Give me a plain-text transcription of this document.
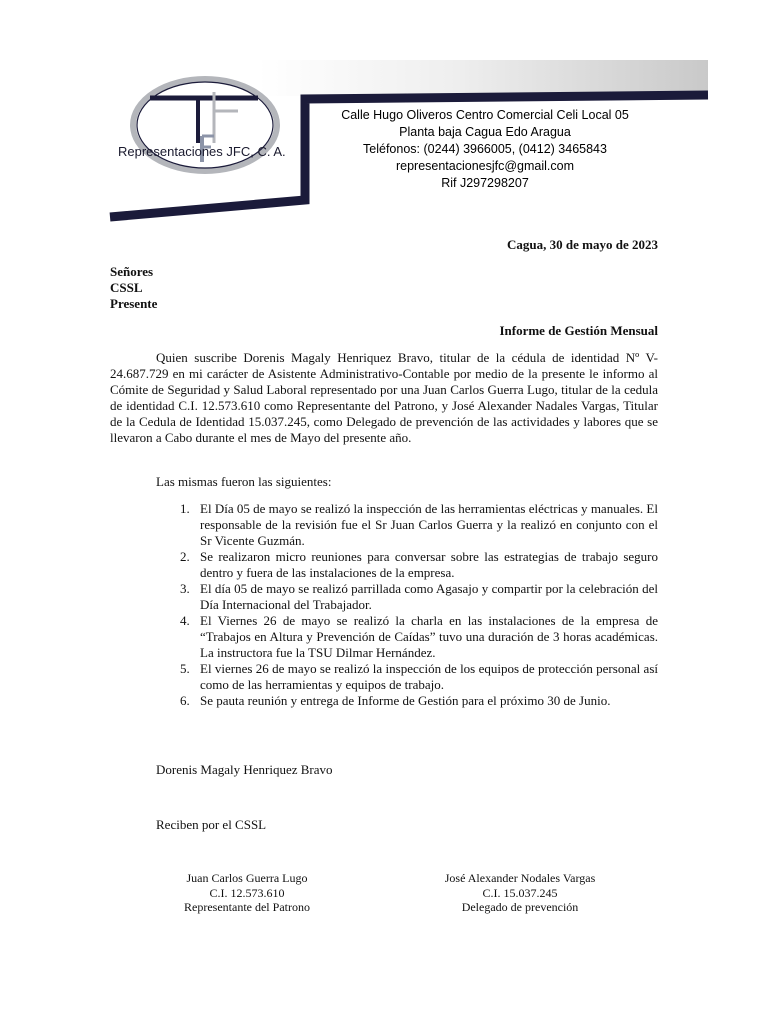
Representaciones JFC, C. A.
Calle Hugo Oliveros Centro Comercial Celi Local 05
Planta baja Cagua Edo Aragua
Teléfonos: (0244) 3966005, (0412) 3465843
representacionesjfc@gmail.com
Rif J297298207
Cagua, 30 de mayo de 2023
Señores
CSSL
Presente
Informe de Gestión Mensual

Quien suscribe Dorenis Magaly Henriquez Bravo, titular de la cédula de identidad Nº V-24.687.729 en mi carácter de Asistente Administrativo-Contable por medio de la presente le informo al Cómite de Seguridad y Salud Laboral representado por una Juan Carlos Guerra Lugo, titular de la cedula de identidad C.I. 12.573.610 como Representante del Patrono, y José Alexander Nadales Vargas, Titular de la Cedula de Identidad 15.037.245, como Delegado de prevención de las actividades y labores que se llevaron a Cabo durante el mes de Mayo del presente año.

Las mismas fueron las siguientes:
1. El Día 05 de mayo se realizó la inspección de las herramientas eléctricas y manuales. El responsable de la revisión fue el Sr Juan Carlos Guerra y la realizó en conjunto con el Sr Vicente Guzmán.
2. Se realizaron micro reuniones para conversar sobre las estrategias de trabajo seguro dentro y fuera de las instalaciones de la empresa.
3. El día 05 de mayo se realizó parrillada como Agasajo y compartir por la celebración del Día Internacional del Trabajador.
4. El Viernes 26 de mayo se realizó la charla en las instalaciones de la empresa de “Trabajos en Altura y Prevención de Caídas” tuvo una duración de 3 horas académicas. La instructora fue la TSU Dilmar Hernández.
5. El viernes 26 de mayo se realizó la inspección de los equipos de protección personal así como de las herramientas y equipos de trabajo.
6. Se pauta reunión y entrega de Informe de Gestión para el próximo 30 de Junio.
Dorenis Magaly Henriquez Bravo
Reciben por el CSSL
Juan Carlos Guerra Lugo
C.I. 12.573.610
Representante del Patrono
José Alexander Nodales Vargas
C.I. 15.037.245
Delegado de prevención
